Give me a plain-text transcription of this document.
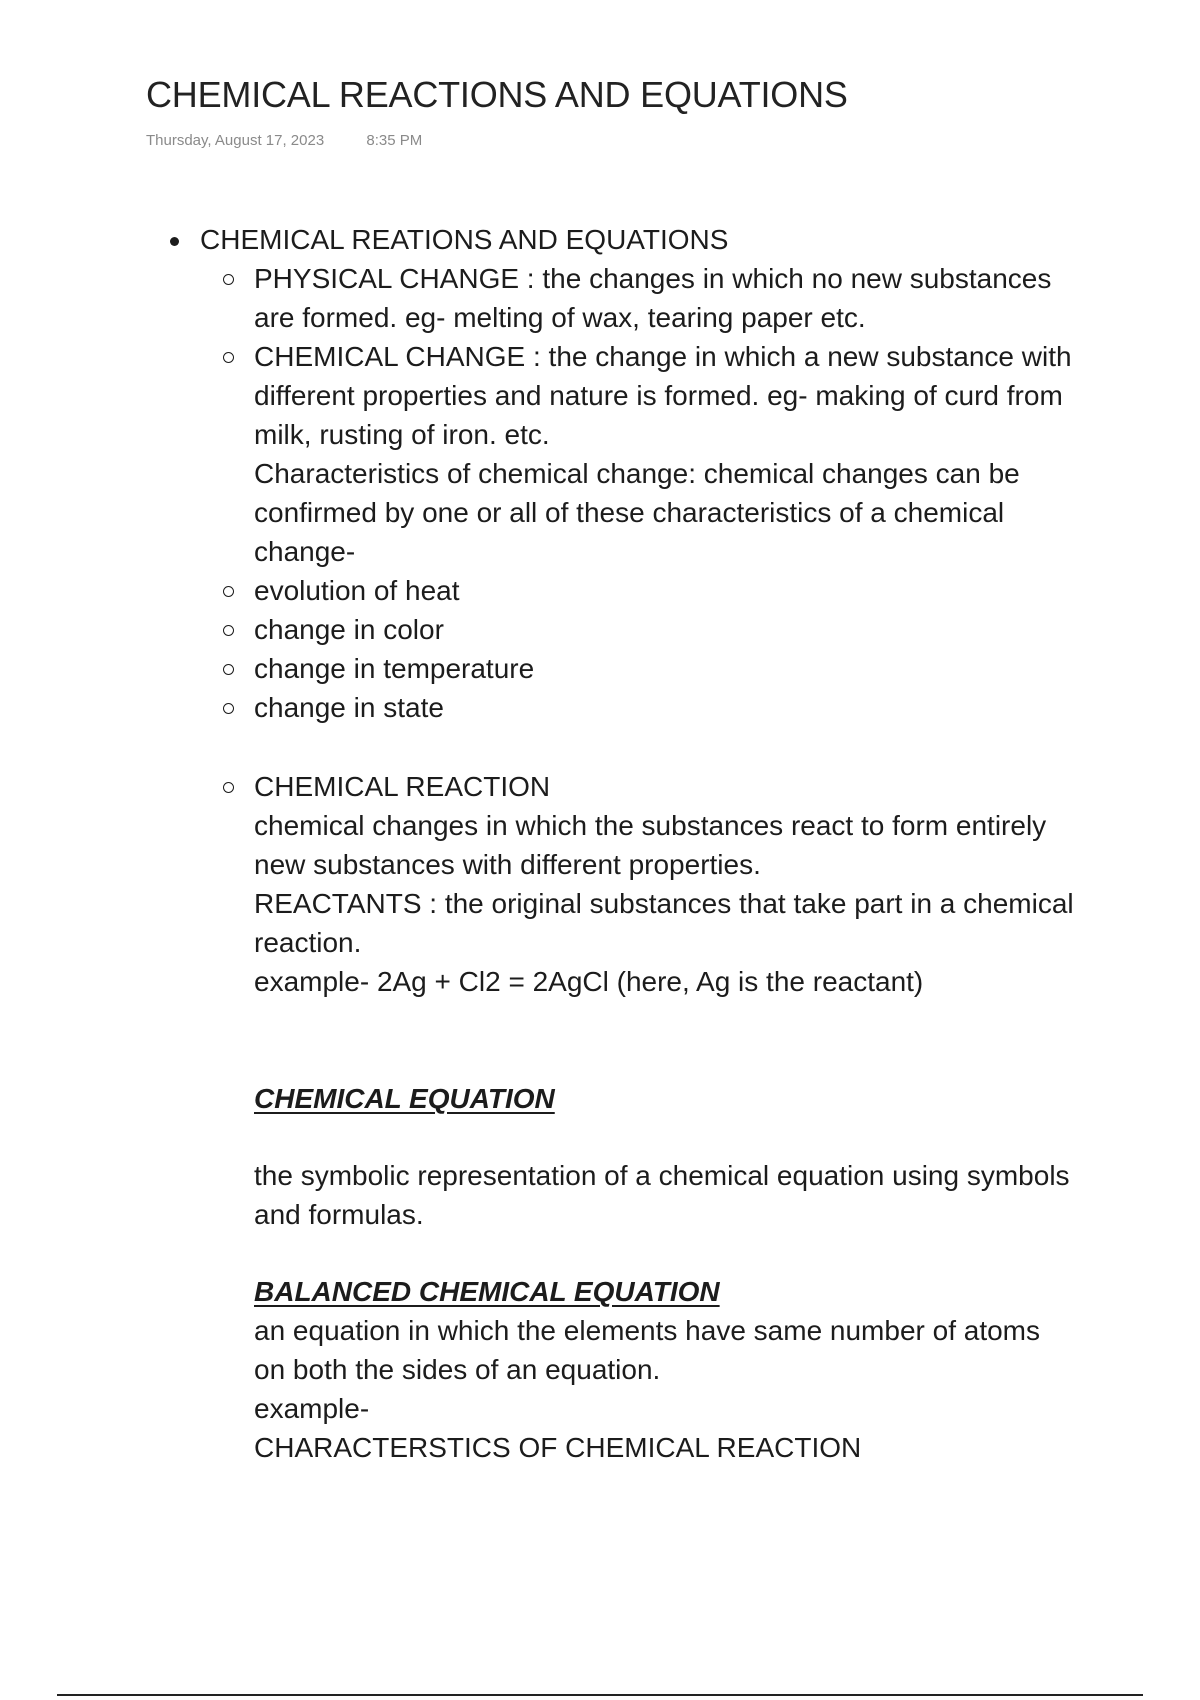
CHEMICAL REACTIONS AND EQUATIONS
Thursday, August 17, 2023	8:35 PM
CHEMICAL REATIONS AND EQUATIONS
PHYSICAL CHANGE : the changes in which no new substances are formed. eg- melting of wax, tearing paper etc.
CHEMICAL CHANGE : the change in which a new substance with different properties and nature is formed. eg- making of curd from milk, rusting of iron. etc.
Characteristics of chemical change: chemical changes can be confirmed by one or all of these characteristics of a chemical change-
evolution of heat
change in color
change in temperature
change in state
CHEMICAL REACTION
chemical changes in which the substances react to form entirely new substances with different properties.
REACTANTS : the original substances that take part in a chemical reaction.
example- 2Ag + Cl2 = 2AgCl (here, Ag is the reactant)
CHEMICAL EQUATION
the symbolic representation of a chemical equation using symbols and formulas.
BALANCED CHEMICAL EQUATION
an equation in which the elements have same number of atoms on both the sides of an equation.
example-
CHARACTERSTICS OF CHEMICAL REACTION
